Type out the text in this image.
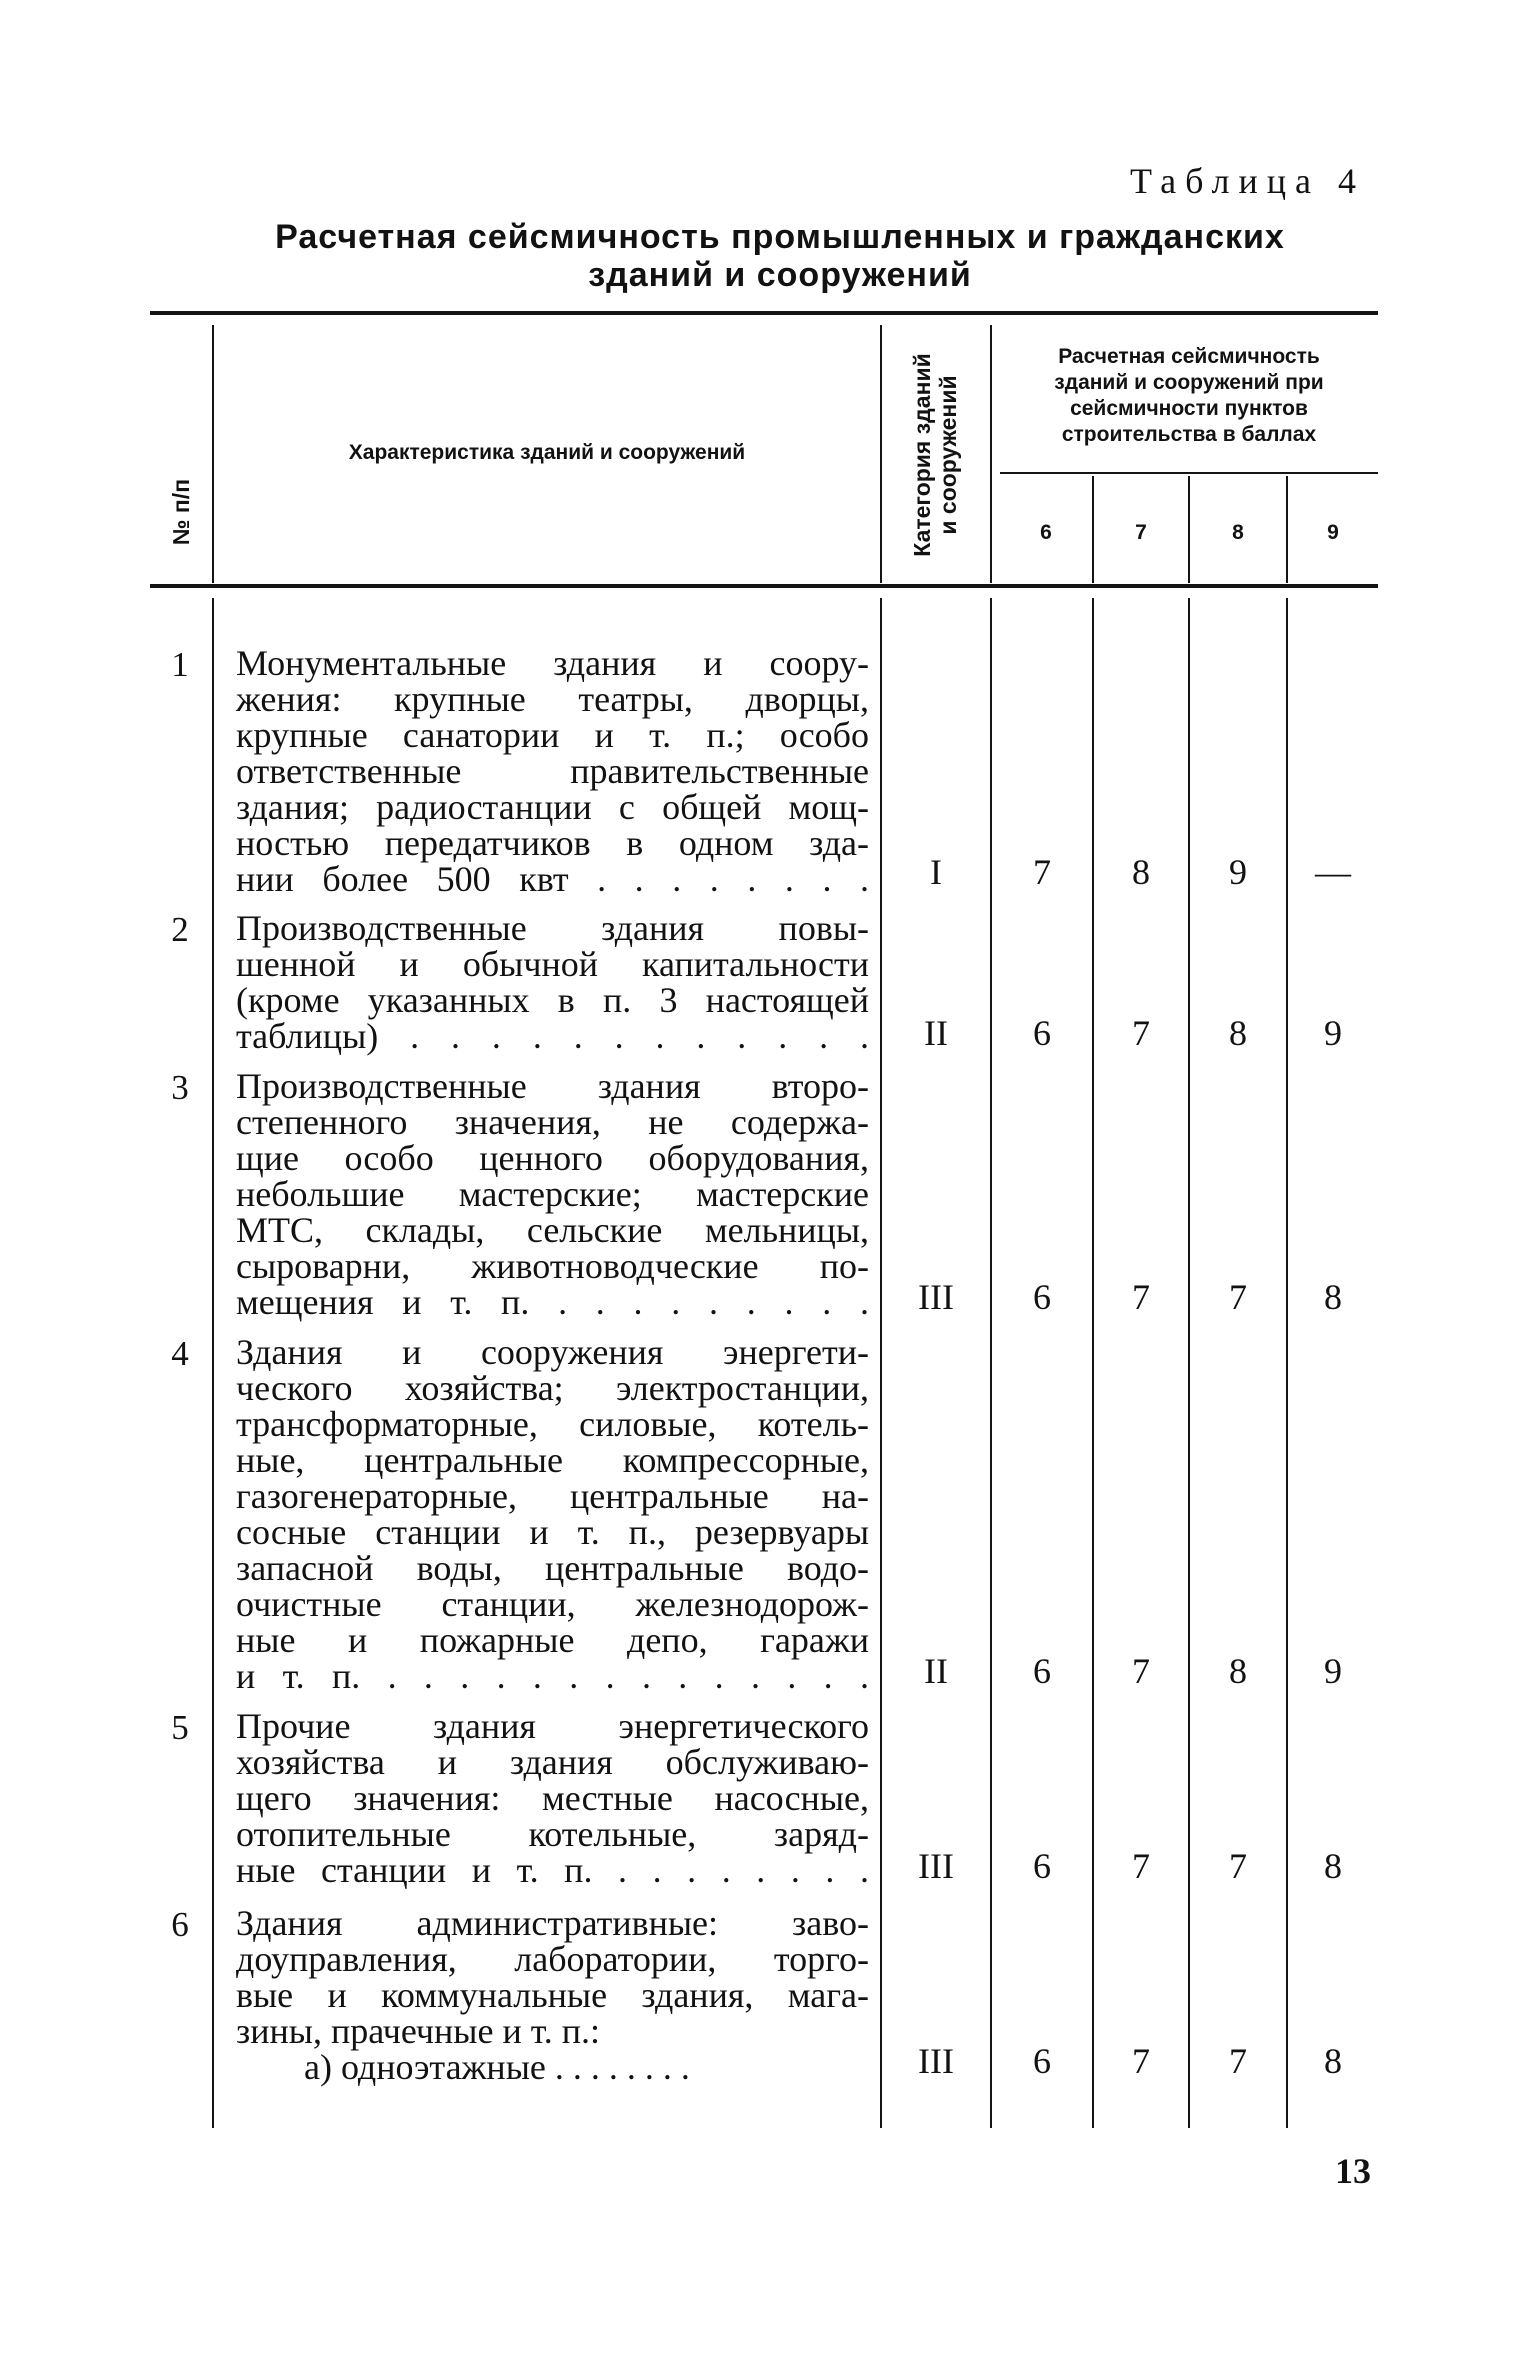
Таблица 4
Расчетная сейсмичность промышленных и гражданских
зданий и сооружений
№ п/п
Характеристика зданий и сооружений	Категория зданий и сооружений
Расчетная сейсмичность
зданий и сооружений при
сейсмичности пунктов
строительства в баллах
6	7	8	9
1	Монументальные здания и соору-
жения: крупные театры, дворцы,
крупные санатории и т. п.; особо
ответственные правительственные
здания; радиостанции с общей мощ-
ностью передатчиков в одном зда-
нии более 500 квт . . . . . . . .	I	7	8	9	—
2	Производственные здания повы-
шенной и обычной капитальности
(кроме указанных в п. 3 настоящей
таблицы) . . . . . . . . . . . .	II	6	7	8	9
3	Производственные здания второ-
степенного значения, не содержа-
щие особо ценного оборудования,
небольшие мастерские; мастерские
МТС, склады, сельские мельницы,
сыроварни, животноводческие по-
мещения и т. п. . . . . . . . . .	III	6	7	7	8
4	Здания и сооружения энергети-
ческого хозяйства; электростанции,
трансформаторные, силовые, котель-
ные, центральные компрессорные,
газогенераторные, центральные на-
сосные станции и т. п., резервуары
запасной воды, центральные водо-
очистные станции, железнодорож-
ные и пожарные депо, гаражи
и т. п. . . . . . . . . . . . . . .	II	6	7	8	9
5	Прочие здания энергетического
хозяйства и здания обслуживаю-
щего значения: местные насосные,
отопительные котельные, заряд-
ные станции и т. п. . . . . . . . .	III	6	7	7	8
6	Здания административные: заво-
доуправления, лаборатории, торго-
вые и коммунальные здания, мага-
зины, прачечные и т. п.:
а) одноэтажные . . . . . . . .	III	6	7	7	8
13
